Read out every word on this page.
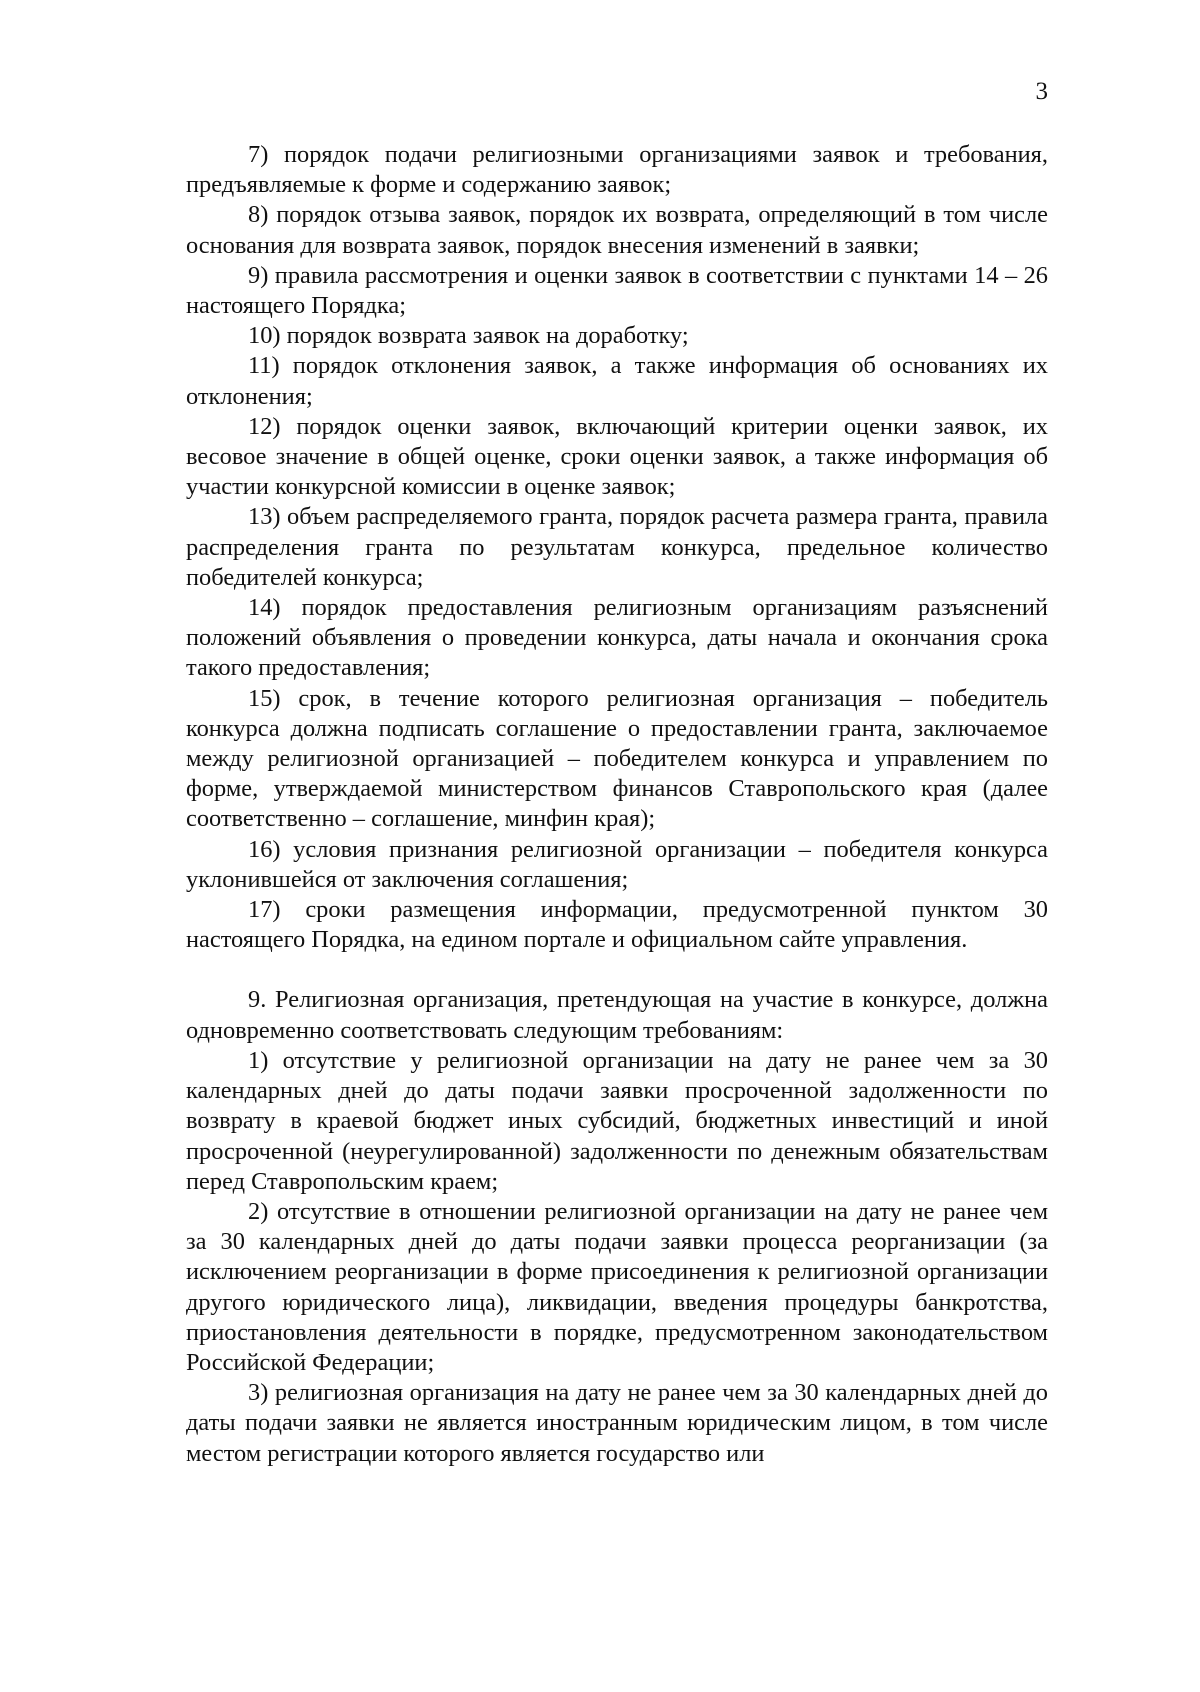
3

7) порядок подачи религиозными организациями заявок и требования, предъявляемые к форме и содержанию заявок;

8) порядок отзыва заявок, порядок их возврата, определяющий в том числе основания для возврата заявок, порядок внесения изменений в заявки;

9) правила рассмотрения и оценки заявок в соответствии с пунктами 14 – 26 настоящего Порядка;

10) порядок возврата заявок на доработку;

11) порядок отклонения заявок, а также информация об основаниях их отклонения;

12) порядок оценки заявок, включающий критерии оценки заявок, их весовое значение в общей оценке, сроки оценки заявок, а также информация об участии конкурсной комиссии в оценке заявок;

13) объем распределяемого гранта, порядок расчета размера гранта, правила распределения гранта по результатам конкурса, предельное количество победителей конкурса;

14) порядок предоставления религиозным организациям разъяснений положений объявления о проведении конкурса, даты начала и окончания срока такого предоставления;

15) срок, в течение которого религиозная организация – победитель конкурса должна подписать соглашение о предоставлении гранта, заключаемое между религиозной организацией – победителем конкурса и управлением по форме, утверждаемой министерством финансов Ставропольского края (далее соответственно – соглашение, минфин края);

16) условия признания религиозной организации – победителя конкурса уклонившейся от заключения соглашения;

17) сроки размещения информации, предусмотренной пунктом 30 настоящего Порядка, на едином портале и официальном сайте управления.

9. Религиозная организация, претендующая на участие в конкурсе, должна одновременно соответствовать следующим требованиям:

1) отсутствие у религиозной организации на дату не ранее чем за 30 календарных дней до даты подачи заявки просроченной задолженности по возврату в краевой бюджет иных субсидий, бюджетных инвестиций и иной просроченной (неурегулированной) задолженности по денежным обязательствам перед Ставропольским краем;

2) отсутствие в отношении религиозной организации на дату не ранее чем за 30 календарных дней до даты подачи заявки процесса реорганизации (за исключением реорганизации в форме присоединения к религиозной организации другого юридического лица), ликвидации, введения процедуры банкротства, приостановления деятельности в порядке, предусмотренном законодательством Российской Федерации;

3) религиозная организация на дату не ранее чем за 30 календарных дней до даты подачи заявки не является иностранным юридическим лицом, в том числе местом регистрации которого является государство или
